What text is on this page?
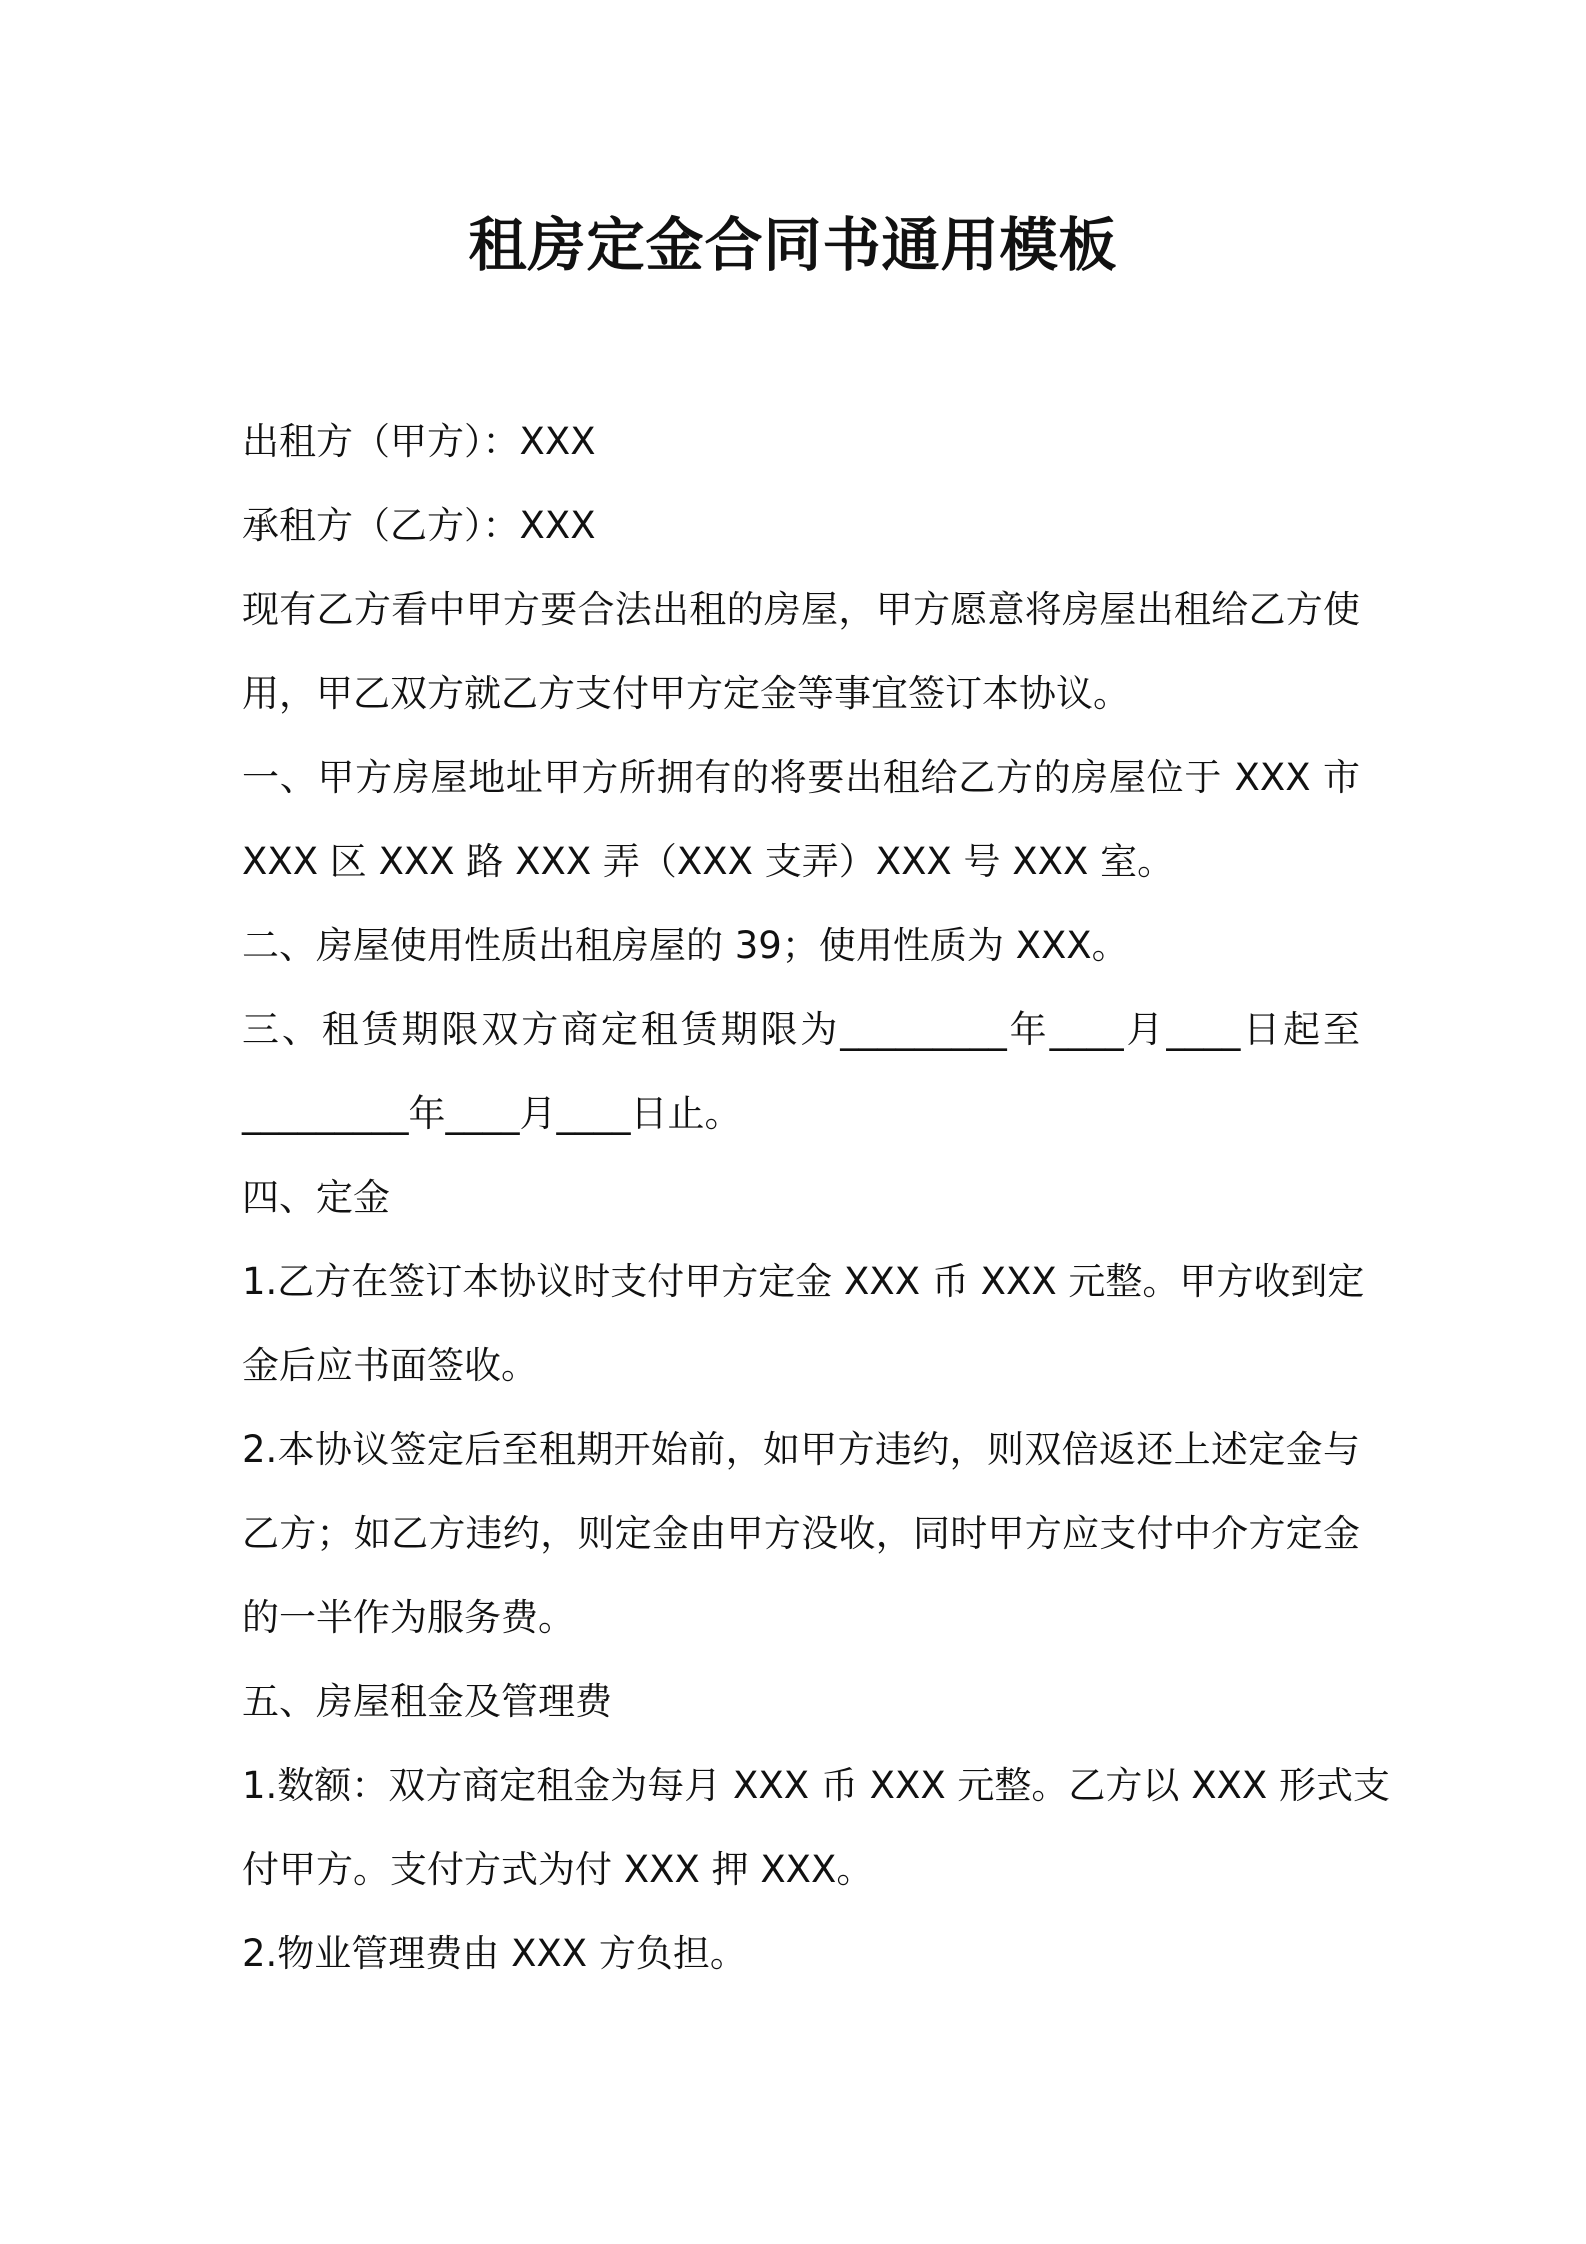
租房定金合同书通用模板
出租方（甲方）：XXX
承租方（乙方）：XXX
现有乙方看中甲方要合法出租的房屋，甲方愿意将房屋出租给乙方使
用，甲乙双方就乙方支付甲方定金等事宜签订本协议。
一、甲方房屋地址甲方所拥有的将要出租给乙方的房屋位于 XXX 市
XXX 区 XXX 路 XXX 弄（XXX 支弄）XXX 号 XXX 室。
二、房屋使用性质出租房屋的 39；使用性质为 XXX。
三、租赁期限双方商定租赁期限为_________年____月____日起至
_________年____月____日止。
四、定金
1.乙方在签订本协议时支付甲方定金 XXX 币 XXX 元整。甲方收到定
金后应书面签收。
2.本协议签定后至租期开始前，如甲方违约，则双倍返还上述定金与
乙方；如乙方违约，则定金由甲方没收，同时甲方应支付中介方定金
的一半作为服务费。
五、房屋租金及管理费
1.数额：双方商定租金为每月 XXX 币 XXX 元整。乙方以 XXX 形式支
付甲方。支付方式为付 XXX 押 XXX。
2.物业管理费由 XXX 方负担。
